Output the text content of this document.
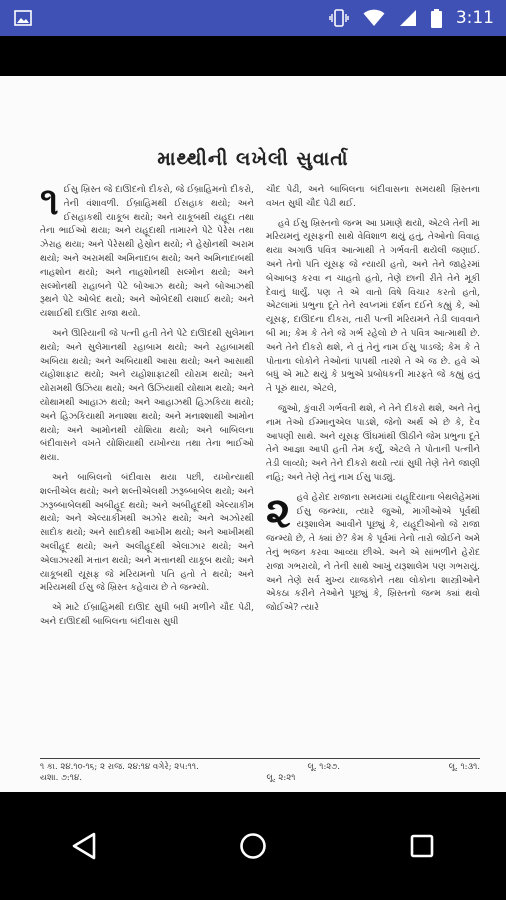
3:11
માથ્થીની લખેલી સુવાર્તા
૧ ઈસુ ખ્રિસ્ત જે દાઊદનો દીકરો, જે ઈબ્રાહિમનો દીકરો, તેની વંશાવળી. ઈબ્રાહિમથી ઈસહાક થયો; અને ઈસહાકથી યાકૂબ થયો; અને યાકૂબથી યહૂદા તથા તેના ભાઈઓ થયા; અને યહૂદાથી તામારને પેટે પેરેસ તથા ઝેરાહ થયા; અને પેરેસથી હેસ્રોન થયો; ને હેસ્રોનથી અરામ થયો; અને અરામથી અમિનાદાબ થયો; અને અમિનાદાબથી નાહશોન થયો; અને નાહશોનથી સલ્મોન થયો; અને સલ્મોનથી રાહાબને પેટે બોઆઝ થયો; અને બોઆઝથી રૂથને પેટે ઓબેદ થયો; અને ઓબેદથી યશાઈ થયો; અને યશાઈથી દાઊદ રાજા થયો.

અને ઊરિયાની જે પત્ની હતી તેને પેટે દાઊદથી સુલેમાન થયો; અને સુલેમાનથી રહાબામ થયો; અને રહાબામથી અબિયા થયો; અને અબિયાથી આસા થયો; અને આસાથી યહોશાફાટ થયો; અને યહોશાફાટથી યોરામ થયો; અને યોરામથી ઉઝિયા થયો; અને ઉઝિયાથી યોથામ થયો; અને યોથામથી આહાઝ થયો; અને આહાઝથી હિઝકિયા થયો; અને હિઝકિયાથી મનાશ્શા થયો; અને મનાશ્શાથી આમોન થયો; અને આમોનથી યોશિયા થયો; અને બાબિલના બંદીવાસને વખતે યોશિયાથી યખોન્યા તથા તેના ભાઈઓ થયા.

અને બાબિલનો બંદીવાસ થયા પછી, યખોન્યાથી શલ્તીએલ થયો; અને શલ્તીએલથી ઝરૂબ્બાબેલ થયો; અને ઝરૂબ્બાબેલથી અબીહૂદ થયો; અને અબીહૂદથી એલ્યાકીમ થયો; અને એલ્યાકીમથી અઝોર થયો; અને અઝોરથી સાદોક થયો; અને સાદોકથી આખીમ થયો; અને આખીમથી અલીહૂદ થયો; અને અલીહૂદથી એલાઝાર થયો; અને એલાઝારથી મત્તાન થયો; અને મત્તાનથી યાકૂબ થયો; અને યાકૂબથી યૂસફ જે મરિયમનો પતિ હતો તે થયો; અને મરિયમથી ઈસુ જે ખ્રિસ્ત કહેવાય છે તે જન્મ્યો.

એ માટે ઈબ્રાહિમથી દાઊદ સુધી બધી મળીને ચૌદ પેઢી, અને દાઊદથી બાબિલના બંદીવાસ સુધી

ચૌદ પેઢી, અને બાબિલના બંદીવાસના સમયથી ખ્રિસ્તના વખત સુધી ચૌદ પેઢી થઈ.

હવે ઈસુ ખ્રિસ્તનો જન્મ આ પ્રમાણે થયો, એટલે તેની મા મરિયમનું યૂસફની સાથે વેવિશાળ થયું હતું, તેઓનો વિવાહ થયા અગાઉ પવિત્ર આત્માથી તે ગર્ભવતી થયેલી જણાઈ. અને તેનો પતિ યૂસફ જે ન્યાયી હતો, અને તેને જાહેરમાં બેઆબરૂ કરવા ન ચાહતો હતો, તેણે છાની રીતે તેને મૂકી દેવાનું ધાર્યું. પણ તે એ વાતો વિષે વિચાર કરતો હતો, એટલામાં પ્રભુના દૂતે તેને સ્વપ્નમાં દર્શન દઈને કહ્યું કે, ઓ યૂસફ, દાઊદના દીકરા, તારી પત્ની મરિયમને તેડી લાવવાને બી મા; કેમ કે તેને જે ગર્ભ રહેલો છે તે પવિત્ર આત્માથી છે. અને તેને દીકરો થશે, ને તું તેનું નામ ઈસુ પાડજે; કેમ કે તે પોતાના લોકોને તેઓનાં પાપથી તારશે તે એ જ છે. હવે એ બધું એ માટે થયું કે પ્રભુએ પ્રબોધકની મારફતે જે કહ્યું હતું તે પૂરું થાય, એટલે,

જુઓ, કુંવારી ગર્ભવતી થશે, ને તેને દીકરો થશે, અને તેનું નામ તેઓ ઈમ્માનુએલ પાડશે, જેનો અર્થ એ છે કે, દેવ આપણી સાથે. અને યૂસફ ઊંઘમાંથી ઊઠીને જેમ પ્રભુના દૂતે તેને આજ્ઞા આપી હતી તેમ કર્યું, એટલે તે પોતાની પત્નીને તેડી લાવ્યો; અને તેને દીકરો થયો ત્યાં સુધી તેણે તેને જાણી નહિ; અને તેણે તેનું નામ ઈસુ પાડ્યું.

૨ હવે હેરોદ રાજાના સમયમાં યહૂદિયાના બેથલેહેમમાં ઈસુ જન્મ્યા, ત્યારે જુઓ, માગીઓએ પૂર્વથી યરૂશાલેમ આવીને પૂછ્યું કે, યહૂદીઓનો જે રાજા જન્મ્યો છે, તે ક્યાં છે? કેમ કે પૂર્વમાં તેનો તારો જોઈને અમે તેનું ભજન કરવા આવ્યા છીએ. અને એ સાંભળીને હેરોદ રાજા ગભરાયો, ને તેની સાથે આખું યરૂશાલેમ પણ ગભરાયું. અને તેણે સર્વ મુખ્ય યાજકોને તથા લોકોના શાસ્ત્રીઓને એકઠા કરીને તેઓને પૂછ્યું કે, ખ્રિસ્તનો જન્મ ક્યાં થવો જોઈએ? ત્યારે

૧ કા. ૨૪.૧૦-૧૬; ૨ રાજ. ૨૪:૧૪ વગેરે; ૨૫:૧૧.	લૂ. ૧:૨૭.	લૂ. ૧:૩૧.
યશા. ૭:૧૪.	લૂ. ૨:૨૧
